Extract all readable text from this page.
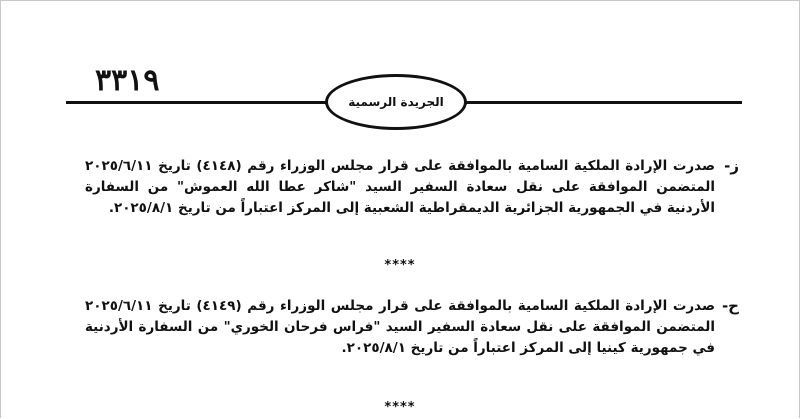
٣٣١٩
الجريدة الرسمية
ز-
صدرت الإرادة الملكية السامية بالموافقة على قرار مجلس الوزراء رقم (٤١٤٨) تاريخ ٢٠٢٥/٦/١١ المتضمن الموافقة على نقل سعادة السفير السيد "شاكر عطا الله العموش" من السفارة الأردنية في الجمهورية الجزائرية الديمقراطية الشعبية إلى المركز اعتباراً من تاريخ ٢٠٢٥/٨/١.
****
ح-
صدرت الإرادة الملكية السامية بالموافقة على قرار مجلس الوزراء رقم (٤١٤٩) تاريخ ٢٠٢٥/٦/١١ المتضمن الموافقة على نقل سعادة السفير السيد "فراس فرحان الخوري" من السفارة الأردنية في جمهورية كينيا إلى المركز اعتباراً من تاريخ ٢٠٢٥/٨/١.
****
